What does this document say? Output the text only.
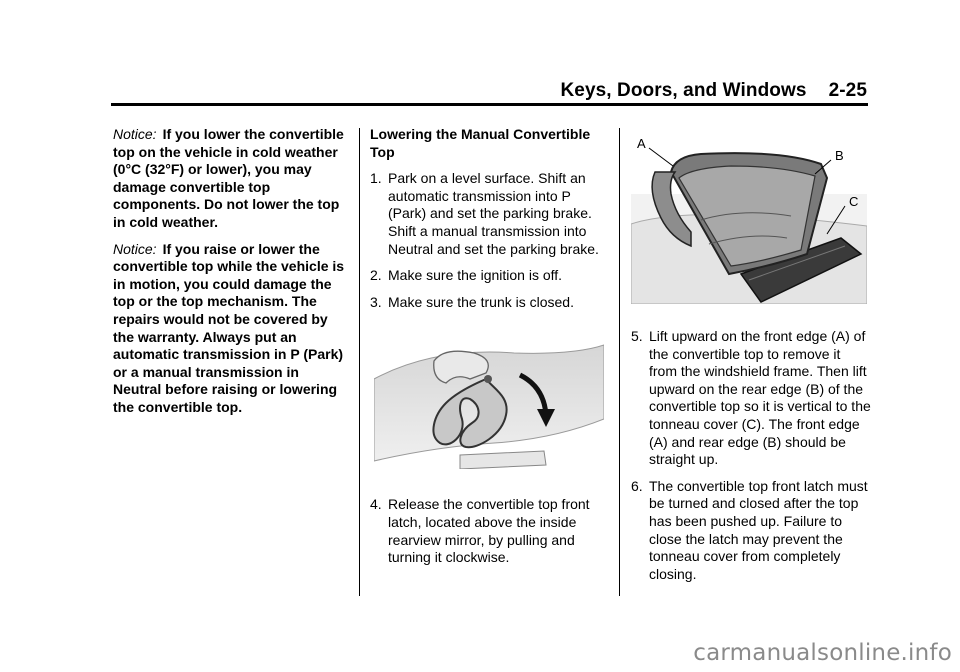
Keys, Doors, and Windows 2-25

Notice: If you lower the convertible top on the vehicle in cold weather (0°C (32°F) or lower), you may damage convertible top components. Do not lower the top in cold weather.

Notice: If you raise or lower the convertible top while the vehicle is in motion, you could damage the top or the top mechanism. The repairs would not be covered by the warranty. Always put an automatic transmission in P (Park) or a manual transmission in Neutral before raising or lowering the convertible top.

Lowering the Manual Convertible Top
1. Park on a level surface. Shift an automatic transmission into P (Park) and set the parking brake. Shift a manual transmission into Neutral and set the parking brake.
2. Make sure the ignition is off.
3. Make sure the trunk is closed.
4. Release the convertible top front latch, located above the inside rearview mirror, by pulling and turning it clockwise.
A
B
C
5. Lift upward on the front edge (A) of the convertible top to remove it from the windshield frame. Then lift upward on the rear edge (B) of the convertible top so it is vertical to the tonneau cover (C). The front edge (A) and rear edge (B) should be straight up.
6. The convertible top front latch must be turned and closed after the top has been pushed up. Failure to close the latch may prevent the tonneau cover from completely closing.
carmanualsonline.info
